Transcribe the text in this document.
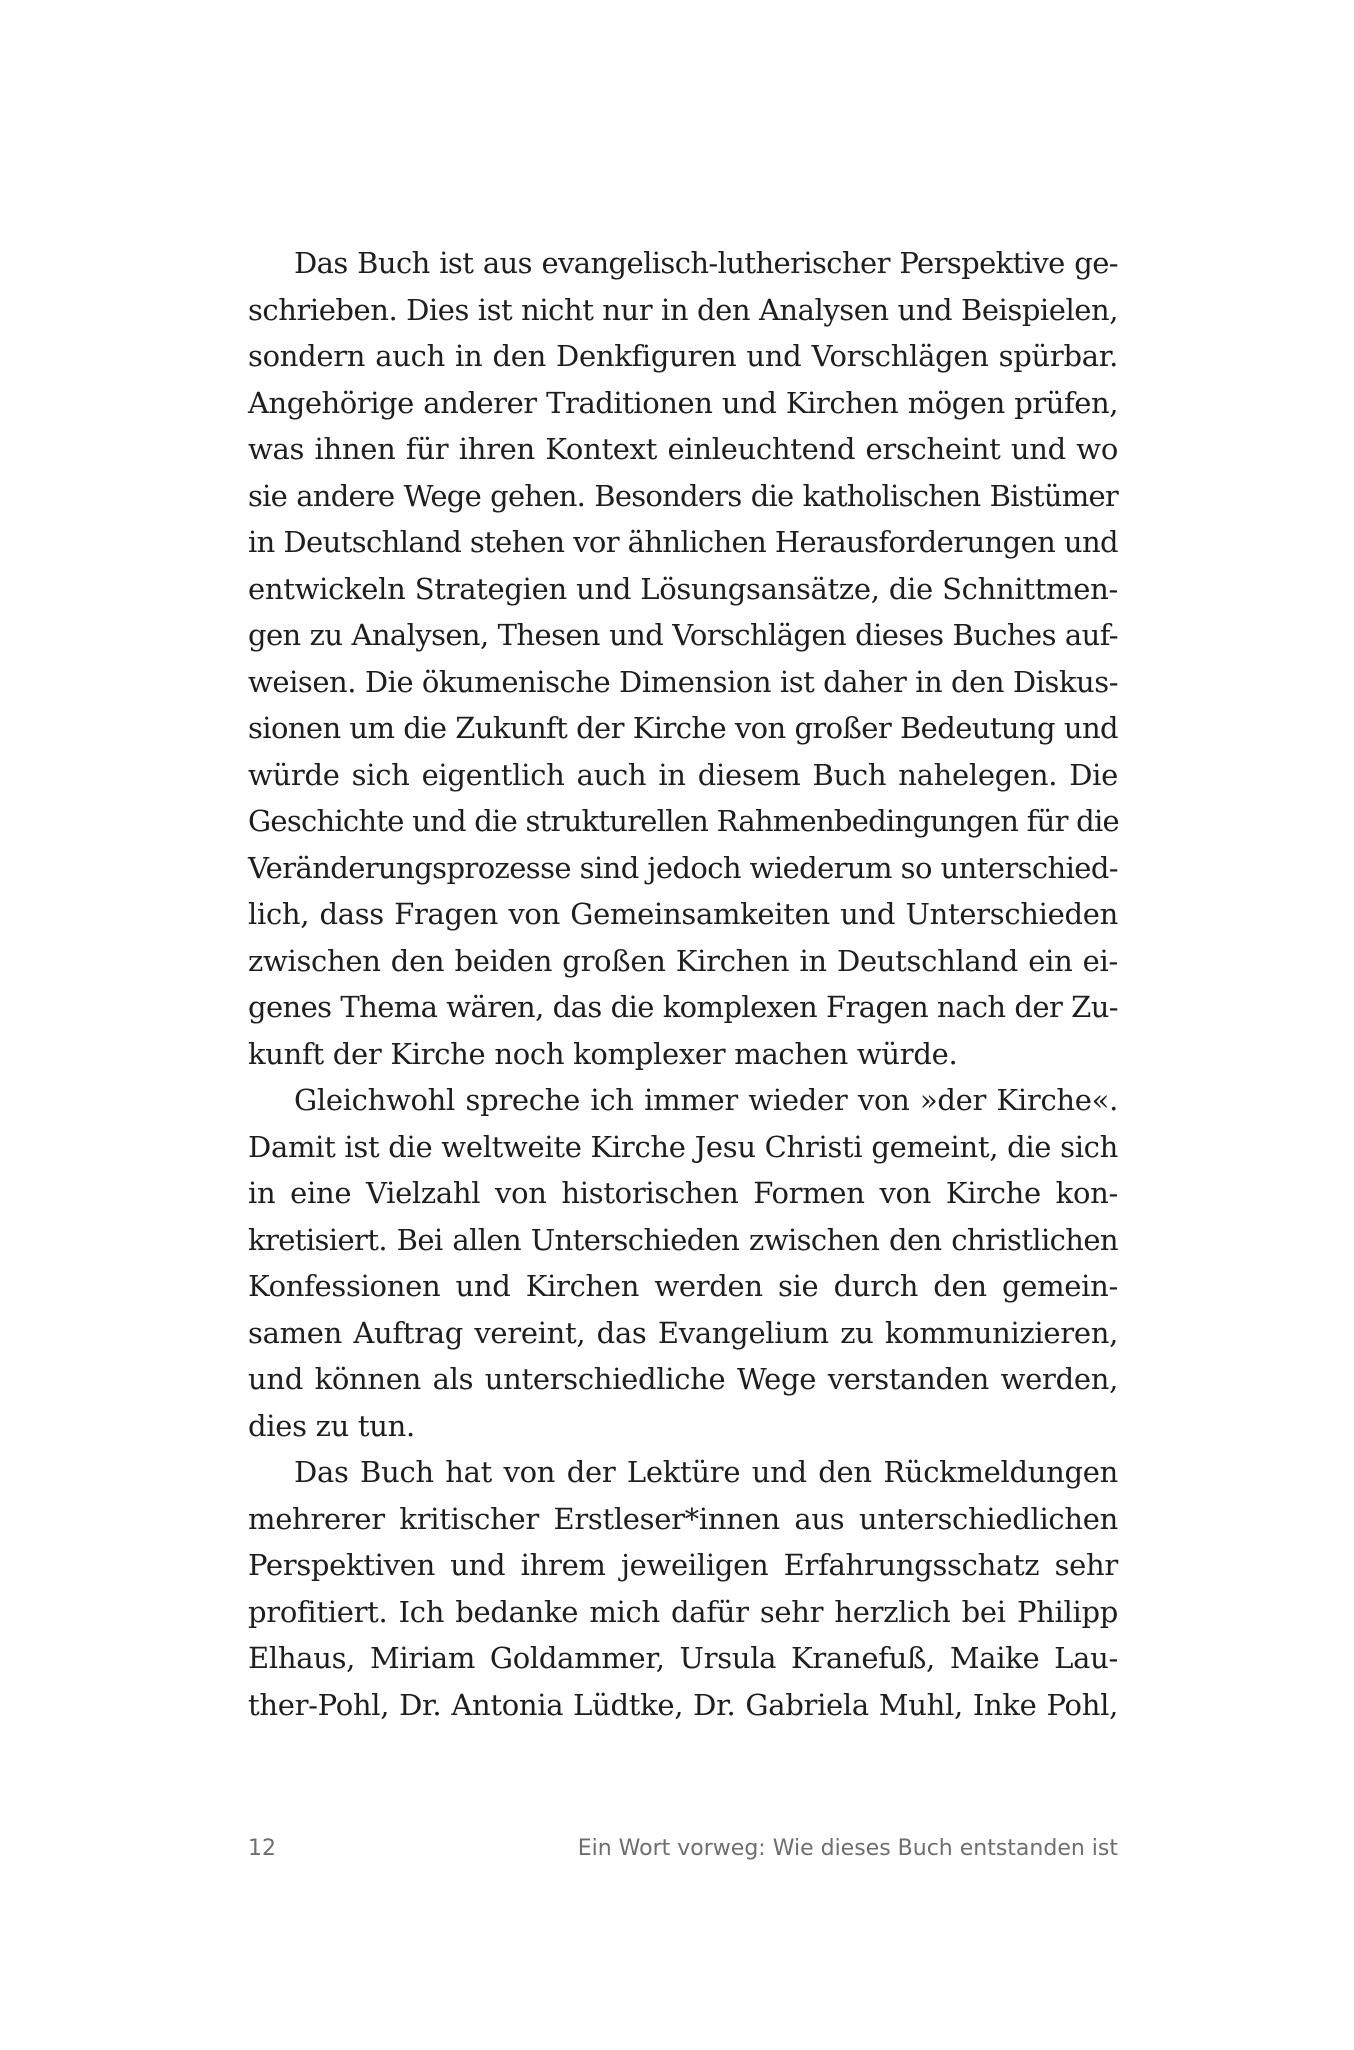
Das Buch ist aus evangelisch-lutherischer Perspektive ge-
schrieben. Dies ist nicht nur in den Analysen und Beispielen,
sondern auch in den Denkfiguren und Vorschlägen spürbar.
Angehörige anderer Traditionen und Kirchen mögen prüfen,
was ihnen für ihren Kontext einleuchtend erscheint und wo
sie andere Wege gehen. Besonders die katholischen Bistümer
in Deutschland stehen vor ähnlichen Herausforderungen und
entwickeln Strategien und Lösungsansätze, die Schnittmen-
gen zu Analysen, Thesen und Vorschlägen dieses Buches auf-
weisen. Die ökumenische Dimension ist daher in den Diskus-
sionen um die Zukunft der Kirche von großer Bedeutung und
würde sich eigentlich auch in diesem Buch nahelegen. Die
Geschichte und die strukturellen Rahmenbedingungen für die
Veränderungsprozesse sind jedoch wiederum so unterschied-
lich, dass Fragen von Gemeinsamkeiten und Unterschieden
zwischen den beiden großen Kirchen in Deutschland ein ei-
genes Thema wären, das die komplexen Fragen nach der Zu-
kunft der Kirche noch komplexer machen würde.
Gleichwohl spreche ich immer wieder von »der Kirche«.
Damit ist die weltweite Kirche Jesu Christi gemeint, die sich
in eine Vielzahl von historischen Formen von Kirche kon-
kretisiert. Bei allen Unterschieden zwischen den christlichen
Konfessionen und Kirchen werden sie durch den gemein-
samen Auftrag vereint, das Evangelium zu kommunizieren,
und können als unterschiedliche Wege verstanden werden,
dies zu tun.
Das Buch hat von der Lektüre und den Rückmeldungen
mehrerer kritischer Erstleser*innen aus unterschiedlichen
Perspektiven und ihrem jeweiligen Erfahrungsschatz sehr
profitiert. Ich bedanke mich dafür sehr herzlich bei Philipp
Elhaus, Miriam Goldammer, Ursula Kranefuß, Maike Lau-
ther-Pohl, Dr. Antonia Lüdtke, Dr. Gabriela Muhl, Inke Pohl,
12	Ein Wort vorweg: Wie dieses Buch entstanden ist
